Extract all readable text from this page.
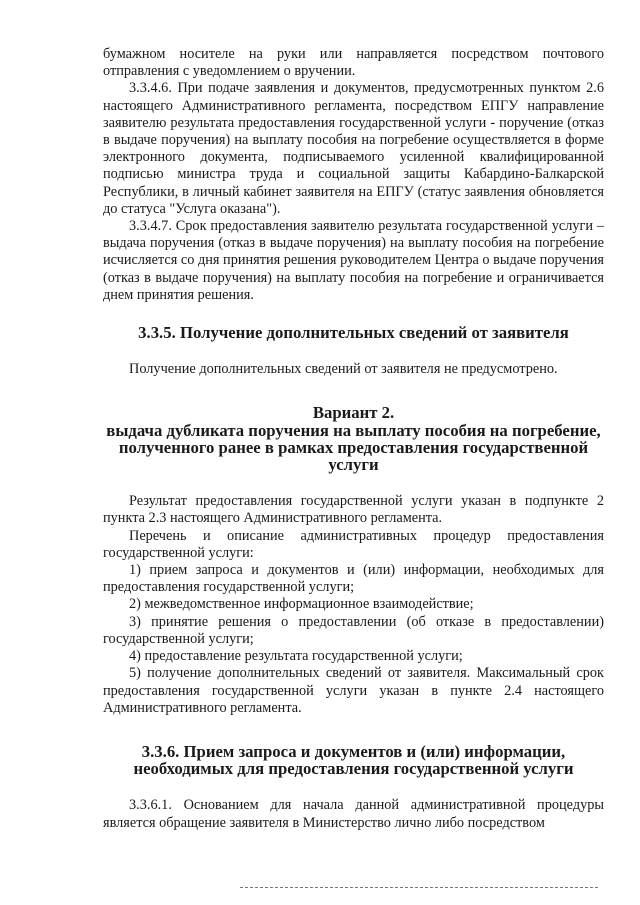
бумажном носителе на руки или направляется посредством почтового отправления с уведомлением о вручении.

3.3.4.6. При подаче заявления и документов, предусмотренных пунктом 2.6 настоящего Административного регламента, посредством ЕПГУ направление заявителю результата предоставления государственной услуги - поручение (отказ в выдаче поручения) на выплату пособия на погребение осуществляется в форме электронного документа, подписываемого усиленной квалифицированной подписью министра труда и социальной защиты Кабардино-Балкарской Республики, в личный кабинет заявителя на ЕПГУ (статус заявления обновляется до статуса "Услуга оказана").

3.3.4.7. Срок предоставления заявителю результата государственной услуги – выдача поручения (отказ в выдаче поручения) на выплату пособия на погребение исчисляется со дня принятия решения руководителем Центра о выдаче поручения (отказ в выдаче поручения) на выплату пособия на погребение и ограничивается днем принятия решения.

3.3.5. Получение дополнительных сведений от заявителя

Получение дополнительных сведений от заявителя не предусмотрено.

Вариант 2.
выдача дубликата поручения на выплату пособия на погребение,
полученного ранее в рамках предоставления государственной услуги

Результат предоставления государственной услуги указан в подпункте 2 пункта 2.3 настоящего Административного регламента.

Перечень и описание административных процедур предоставления государственной услуги:

1) прием запроса и документов и (или) информации, необходимых для предоставления государственной услуги;

2) межведомственное информационное взаимодействие;

3) принятие решения о предоставлении (об отказе в предоставлении) государственной услуги;

4) предоставление результата государственной услуги;

5) получение дополнительных сведений от заявителя. Максимальный срок предоставления государственной услуги указан в пункте 2.4 настоящего Административного регламента.

3.3.6. Прием запроса и документов и (или) информации,
необходимых для предоставления государственной услуги

3.3.6.1. Основанием для начала данной административной процедуры является обращение заявителя в Министерство лично либо посредством
